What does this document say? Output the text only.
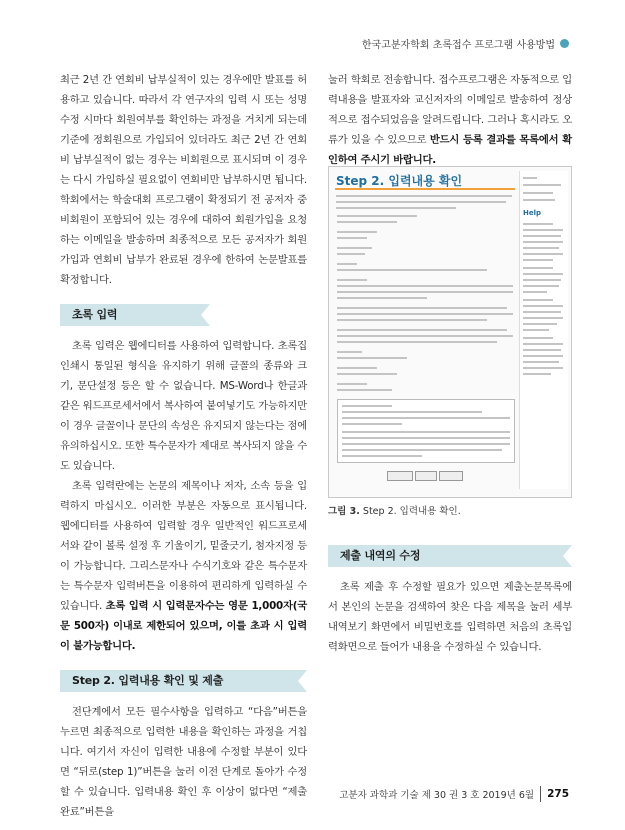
한국고분자학회 초록접수 프로그램 사용방법

최근 2년 간 연회비 납부실적이 있는 경우에만 발표를 허용하고 있습니다. 따라서 각 연구자의 입력 시 또는 성명 수정 시마다 회원여부를 확인하는 과정을 거치게 되는데 기준에 정회원으로 가입되어 있더라도 최근 2년 간 연회비 납부실적이 없는 경우는 비회원으로 표시되며 이 경우는 다시 가입하실 필요없이 연회비만 납부하시면 됩니다. 학회에서는 학술대회 프로그램이 확정되기 전 공저자 중 비회원이 포함되어 있는 경우에 대하여 회원가입을 요청하는 이메일을 발송하며 최종적으로 모든 공저자가 회원가입과 연회비 납부가 완료된 경우에 한하여 논문발표를 확정합니다.

초록 입력

초록 입력은 웹에디터를 사용하여 입력합니다. 초록집 인쇄시 통일된 형식을 유지하기 위해 글꼴의 종류와 크기, 문단설정 등은 할 수 없습니다. MS-Word나 한글과 같은 워드프로세서에서 복사하여 붙여넣기도 가능하지만 이 경우 글꼴이나 문단의 속성은 유지되지 않는다는 점에 유의하십시오. 또한 특수문자가 제대로 복사되지 않을 수도 있습니다.

초록 입력란에는 논문의 제목이나 저자, 소속 등을 입력하지 마십시오. 이러한 부분은 자동으로 표시됩니다. 웹에디터를 사용하여 입력할 경우 일반적인 워드프로세서와 같이 볼록 설정 후 기울이기, 밑줄긋기, 첨자지정 등이 가능합니다. 그리스문자나 수식기호와 같은 특수문자는 특수문자 입력버튼을 이용하여 편리하게 입력하실 수 있습니다. 초록 입력 시 입력문자수는 영문 1,000자(국문 500자) 이내로 제한되어 있으며, 이를 초과 시 입력이 불가능합니다.

Step 2. 입력내용 확인 및 제출

전단계에서 모든 필수사항을 입력하고 “다음”버튼을 누르면 최종적으로 입력한 내용을 확인하는 과정을 거칩니다. 여기서 자신이 입력한 내용에 수정할 부분이 있다면 “뒤로(step 1)”버튼을 눌러 이전 단계로 돌아가 수정할 수 있습니다. 입력내용 확인 후 이상이 없다면 “제출완료”버튼을

눌러 학회로 전송합니다. 접수프로그램은 자동적으로 입력내용을 발표자와 교신저자의 이메일로 발송하여 정상적으로 접수되었음을 알려드립니다. 그러나 혹시라도 오류가 있을 수 있으므로 반드시 등록 결과를 목록에서 확인하여 주시기 바랍니다.

Step 2. 입력내용 확인
Help
그림 3. Step 2. 입력내용 확인.
제출 내역의 수정

초록 제출 후 수정할 필요가 있으면 제출논문목록에서 본인의 논문을 검색하여 찾은 다음 제목을 눌러 세부내역보기 화면에서 비밀번호를 입력하면 처음의 초록입력화면으로 들어가 내용을 수정하실 수 있습니다.

고분자 과학과 기술 제 30 권 3 호 2019년 6월 275
